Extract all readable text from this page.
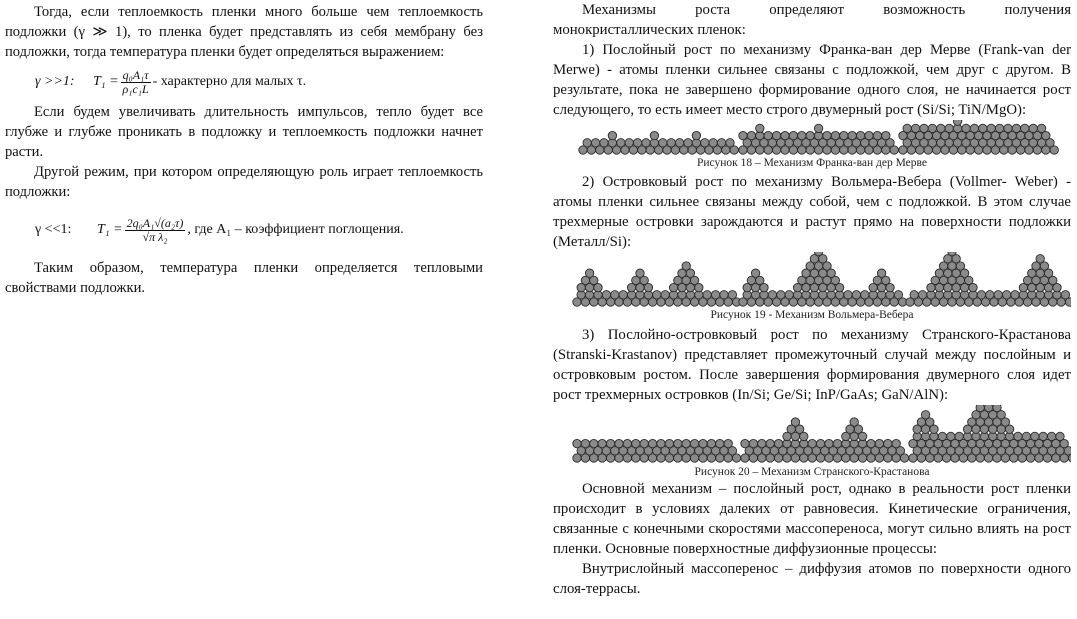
Тогда, если теплоемкость пленки много больше чем теплоемкость подложки (γ ≫ 1), то пленка будет представлять из себя мембрану без подложки, тогда температура пленки будет определяться выражением:

γ >>1:	$T_1 = \frac{\text{q₀A₁τ}}{\text{ρ₁c₁L}}$ - характерно для малых τ.

Если будем увеличивать длительность импульсов, тепло будет все глубже и глубже проникать в подложку и теплоемкость подложки начнет расти.

Другой режим, при котором определяющую роль играет теплоемкость подложки:

γ <<1:	$T_1 = \frac{\text{2q₀A₁√(a₂τ)}}{\text{√π λ₂}}$ , где A₁ – коэффициент поглощения.

Таким образом, температура пленки определяется тепловыми свойствами подложки.

Механизмы роста определяют возможность получения монокристаллических пленок:

1) Послойный рост по механизму Франка-ван дер Мерве (Frank-van der Merwe) - атомы пленки сильнее связаны с подложкой, чем друг с другом. В результате, пока не завершено формирование одного слоя, не начинается рост следующего, то есть имеет место строго двумерный рост (Si/Si; TiN/MgO):

Рисунок 18 – Механизм Франка-ван дер Мерве

2) Островковый рост по механизму Вольмера-Вебера (Vollmer- Weber) - атомы пленки сильнее связаны между собой, чем с подложкой. В этом случае трехмерные островки зарождаются и растут прямо на поверхности подложки (Металл/Si):

Рисунок 19 - Механизм Вольмера-Вебера

3) Послойно-островковый рост по механизму Странского-Крастанова (Stranski-Krastanov) представляет промежуточный случай между послойным и островковым ростом. После завершения формирования двумерного слоя идет рост трехмерных островков (In/Si; Ge/Si; InP/GaAs; GaN/AlN):

Рисунок 20 – Механизм Странского-Крастанова

Основной механизм – послойный рост, однако в реальности рост пленки происходит в условиях далеких от равновесия. Кинетические ограничения, связанные с конечными скоростями массопереноса, могут сильно влиять на рост пленки. Основные поверхностные диффузионные процессы:

Внутрислойный массоперенос – диффузия атомов по поверхности одного слоя-террасы.
